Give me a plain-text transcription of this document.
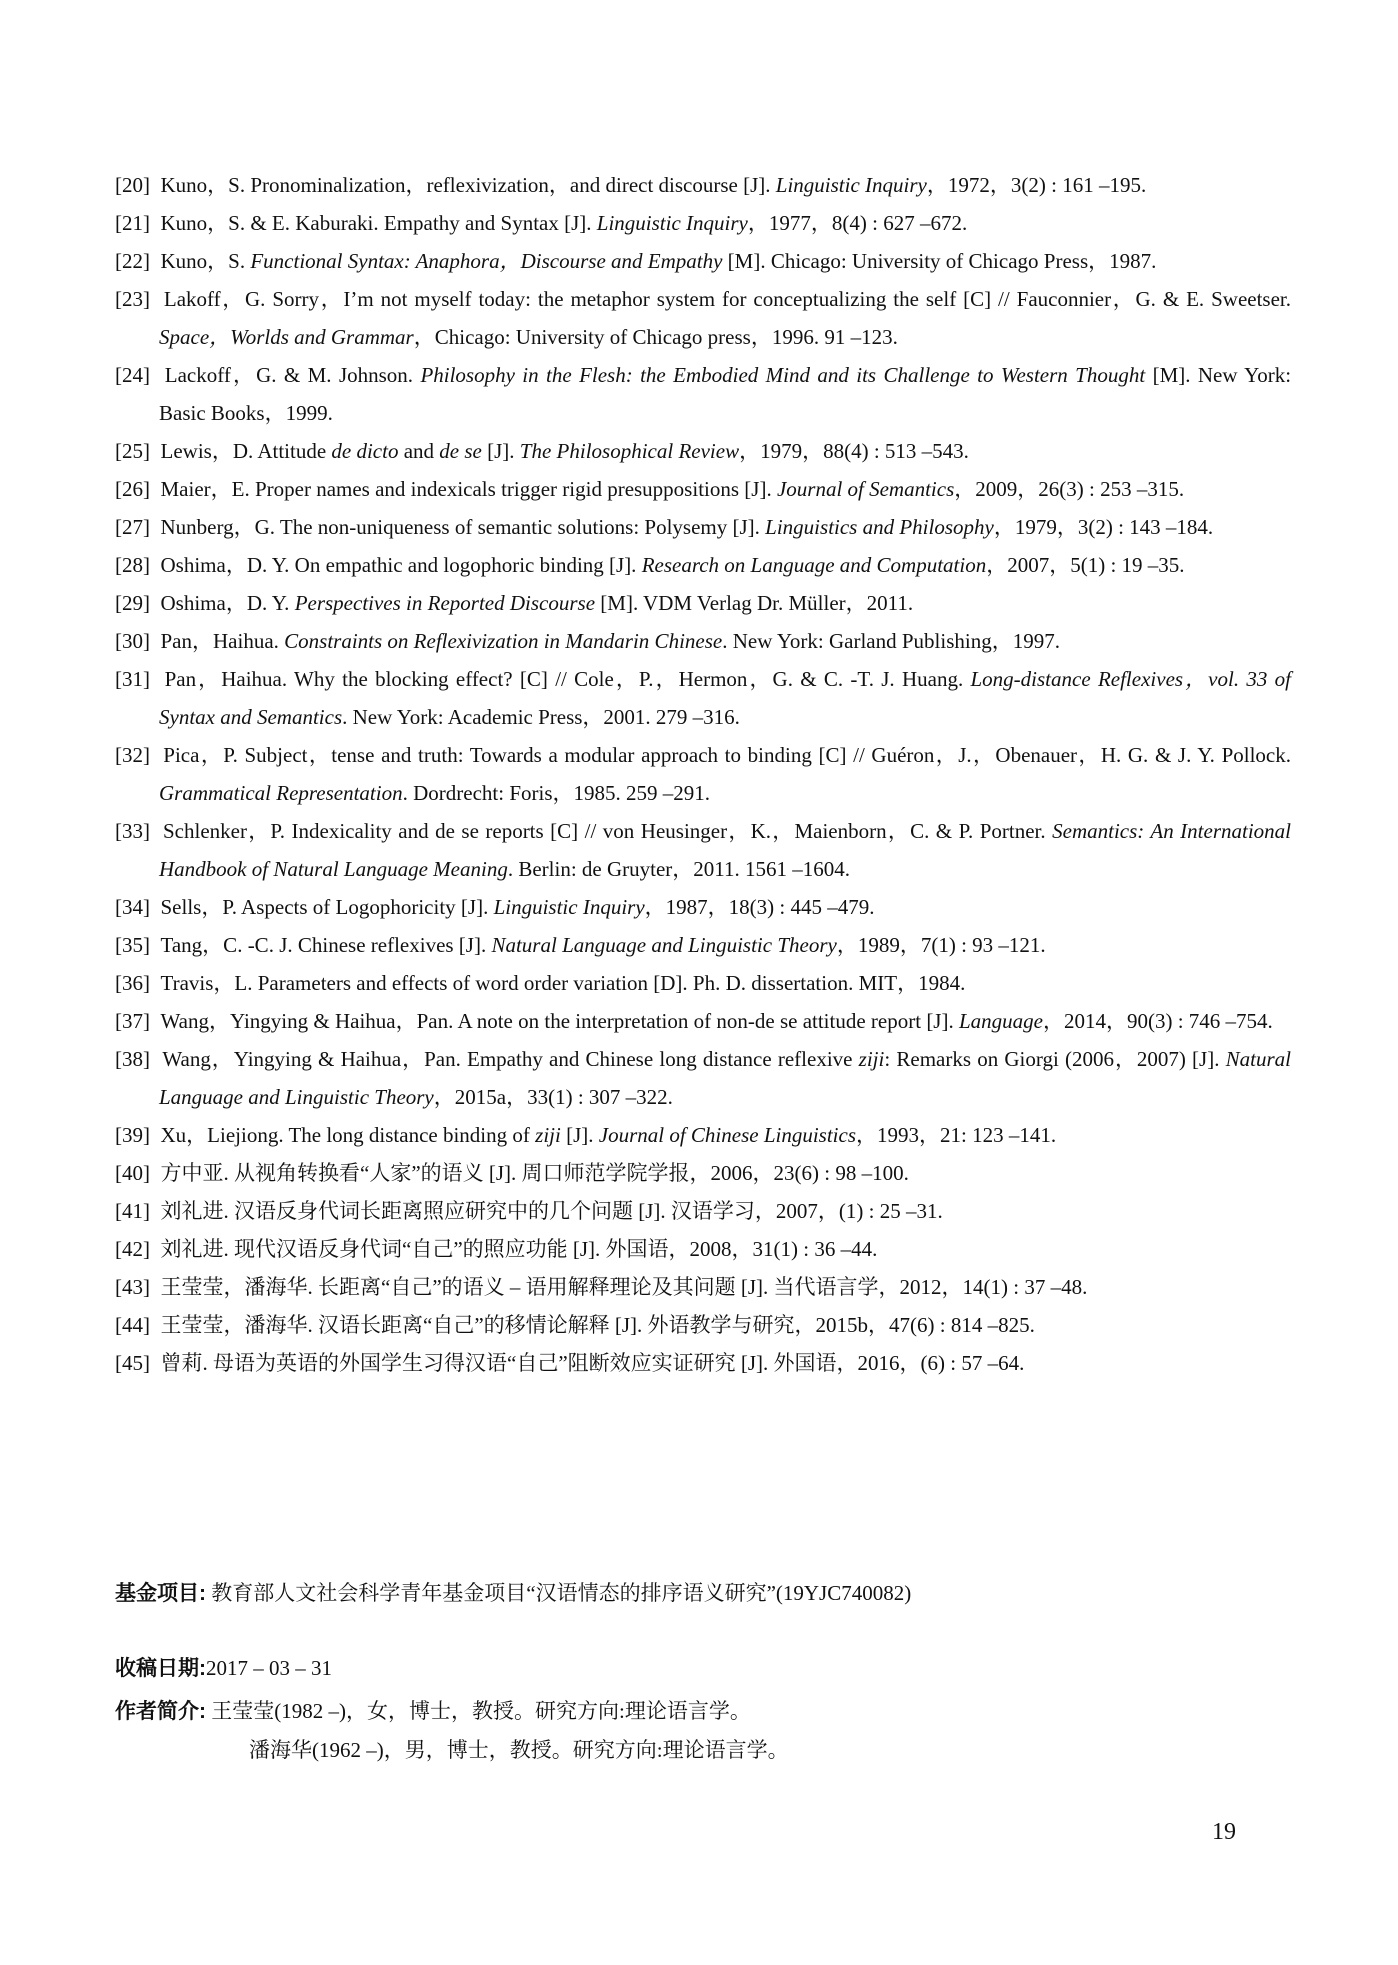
[20] Kuno，S. Pronominalization，reflexivization，and direct discourse [J]. Linguistic Inquiry，1972，3(2) : 161 –195.
[21] Kuno，S. & E. Kaburaki. Empathy and Syntax [J]. Linguistic Inquiry，1977，8(4) : 627 –672.
[22] Kuno，S. Functional Syntax: Anaphora，Discourse and Empathy [M]. Chicago: University of Chicago Press，1987.
[23] Lakoff，G. Sorry，I’m not myself today: the metaphor system for conceptualizing the self [C] // Fauconnier，G. & E. Sweetser. Space，Worlds and Grammar，Chicago: University of Chicago press，1996. 91 –123.
[24] Lackoff，G. & M. Johnson. Philosophy in the Flesh: the Embodied Mind and its Challenge to Western Thought [M]. New York: Basic Books，1999.
[25] Lewis，D. Attitude de dicto and de se [J]. The Philosophical Review，1979，88(4) : 513 –543.
[26] Maier，E. Proper names and indexicals trigger rigid presuppositions [J]. Journal of Semantics，2009，26(3) : 253 –315.
[27] Nunberg，G. The non-uniqueness of semantic solutions: Polysemy [J]. Linguistics and Philosophy，1979，3(2) : 143 –184.
[28] Oshima，D. Y. On empathic and logophoric binding [J]. Research on Language and Computation，2007，5(1) : 19 –35.
[29] Oshima，D. Y. Perspectives in Reported Discourse [M]. VDM Verlag Dr. Müller，2011.
[30] Pan，Haihua. Constraints on Reflexivization in Mandarin Chinese. New York: Garland Publishing，1997.
[31] Pan，Haihua. Why the blocking effect? [C] // Cole，P.，Hermon，G. & C. -T. J. Huang. Long-distance Reflexives，vol. 33 of Syntax and Semantics. New York: Academic Press，2001. 279 –316.
[32] Pica，P. Subject，tense and truth: Towards a modular approach to binding [C] // Guéron，J.，Obenauer，H. G. & J. Y. Pollock. Grammatical Representation. Dordrecht: Foris，1985. 259 –291.
[33] Schlenker，P. Indexicality and de se reports [C] // von Heusinger，K.，Maienborn，C. & P. Portner. Semantics: An International Handbook of Natural Language Meaning. Berlin: de Gruyter，2011. 1561 –1604.
[34] Sells，P. Aspects of Logophoricity [J]. Linguistic Inquiry，1987，18(3) : 445 –479.
[35] Tang，C. -C. J. Chinese reflexives [J]. Natural Language and Linguistic Theory，1989，7(1) : 93 –121.
[36] Travis，L. Parameters and effects of word order variation [D]. Ph. D. dissertation. MIT，1984.
[37] Wang，Yingying & Haihua，Pan. A note on the interpretation of non-de se attitude report [J]. Language，2014，90(3) : 746 –754.
[38] Wang，Yingying & Haihua，Pan. Empathy and Chinese long distance reflexive ziji: Remarks on Giorgi (2006，2007) [J]. Natural Language and Linguistic Theory，2015a，33(1) : 307 –322.
[39] Xu，Liejiong. The long distance binding of ziji [J]. Journal of Chinese Linguistics，1993，21: 123 –141.
[40] 方中亚. 从视角转换看“人家”的语义 [J]. 周口师范学院学报，2006，23(6) : 98 –100.
[41] 刘礼进. 汉语反身代词长距离照应研究中的几个问题 [J]. 汉语学习，2007，(1) : 25 –31.
[42] 刘礼进. 现代汉语反身代词“自己”的照应功能 [J]. 外国语，2008，31(1) : 36 –44.
[43] 王莹莹，潘海华. 长距离“自己”的语义 – 语用解释理论及其问题 [J]. 当代语言学，2012，14(1) : 37 –48.
[44] 王莹莹，潘海华. 汉语长距离“自己”的移情论解释 [J]. 外语教学与研究，2015b，47(6) : 814 –825.
[45] 曾莉. 母语为英语的外国学生习得汉语“自己”阻断效应实证研究 [J]. 外国语，2016，(6) : 57 –64.
基金项目: 教育部人文社会科学青年基金项目“汉语情态的排序语义研究”(19YJC740082)
收稿日期:2017 – 03 – 31
作者简介: 王莹莹(1982 –)，女，博士，教授。研究方向:理论语言学。
潘海华(1962 –)，男，博士，教授。研究方向:理论语言学。
19
